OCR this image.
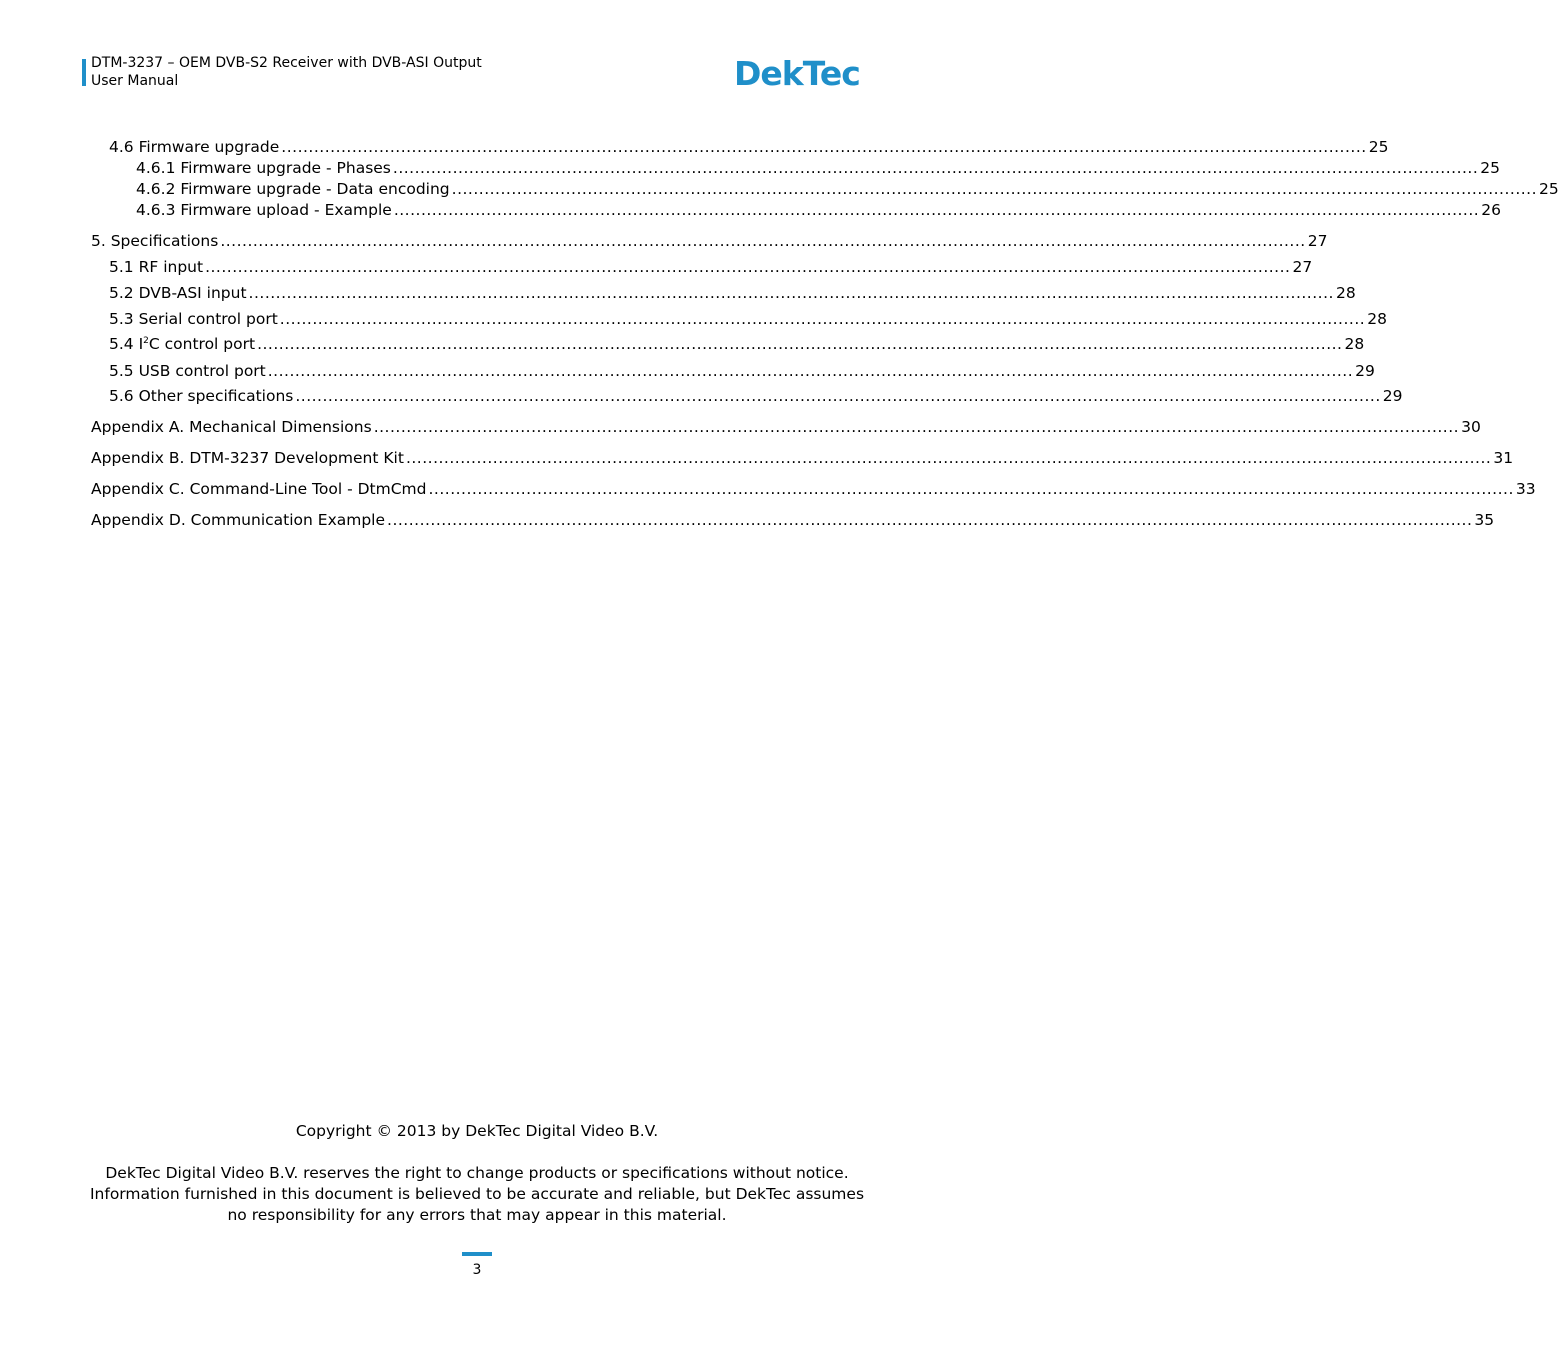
DTM-3237 – OEM DVB-S2 Receiver with DVB-ASI Output
User Manual	DekTec
4.6 Firmware upgrade ........................................................................................................................................................................................................ 25
4.6.1 Firmware upgrade - Phases ........................................................................................................................................................................................................ 25
4.6.2 Firmware upgrade - Data encoding ........................................................................................................................................................................................................ 25
4.6.3 Firmware upload - Example ........................................................................................................................................................................................................ 26
5. Specifications ........................................................................................................................................................................................................ 27
5.1 RF input ........................................................................................................................................................................................................ 27
5.2 DVB-ASI input ........................................................................................................................................................................................................ 28
5.3 Serial control port ........................................................................................................................................................................................................ 28
5.4 $I^2C$ control port ........................................................................................................................................................................................................ 28
5.5 USB control port ........................................................................................................................................................................................................ 29
5.6 Other specifications ........................................................................................................................................................................................................ 29
Appendix A. Mechanical Dimensions ........................................................................................................................................................................................................ 30
Appendix B. DTM-3237 Development Kit ........................................................................................................................................................................................................ 31
Appendix C. Command-Line Tool - DtmCmd ........................................................................................................................................................................................................ 33
Appendix D. Communication Example ........................................................................................................................................................................................................ 35
Copyright © 2013 by DekTec Digital Video B.V.
DekTec Digital Video B.V. reserves the right to change products or specifications without notice.
Information furnished in this document is believed to be accurate and reliable, but DekTec assumes
no responsibility for any errors that may appear in this material.
3
